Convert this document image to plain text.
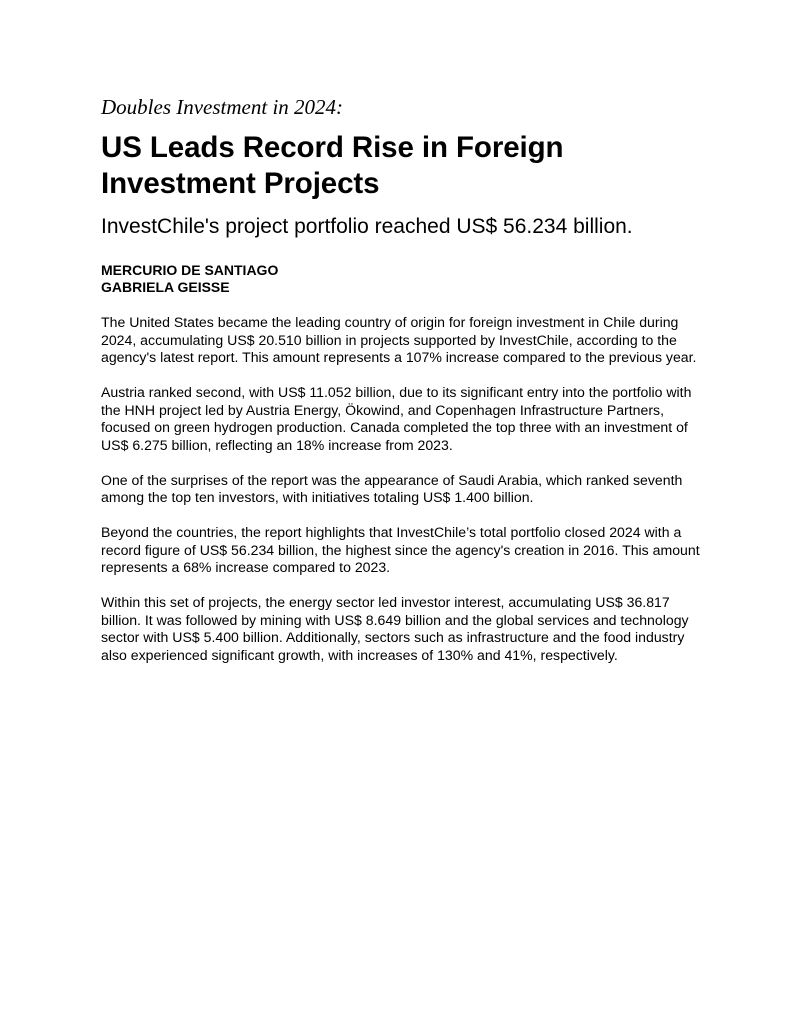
Doubles Investment in 2024:
US Leads Record Rise in Foreign Investment Projects
InvestChile's project portfolio reached US$ 56.234 billion.
MERCURIO DE SANTIAGO
GABRIELA GEISSE

The United States became the leading country of origin for foreign investment in Chile during 2024, accumulating US$ 20.510 billion in projects supported by InvestChile, according to the agency's latest report. This amount represents a 107% increase compared to the previous year.

Austria ranked second, with US$ 11.052 billion, due to its significant entry into the portfolio with the HNH project led by Austria Energy, Ökowind, and Copenhagen Infrastructure Partners, focused on green hydrogen production. Canada completed the top three with an investment of US$ 6.275 billion, reflecting an 18% increase from 2023.

One of the surprises of the report was the appearance of Saudi Arabia, which ranked seventh among the top ten investors, with initiatives totaling US$ 1.400 billion.

Beyond the countries, the report highlights that InvestChile’s total portfolio closed 2024 with a record figure of US$ 56.234 billion, the highest since the agency's creation in 2016. This amount represents a 68% increase compared to 2023.

Within this set of projects, the energy sector led investor interest, accumulating US$ 36.817 billion. It was followed by mining with US$ 8.649 billion and the global services and technology sector with US$ 5.400 billion. Additionally, sectors such as infrastructure and the food industry also experienced significant growth, with increases of 130% and 41%, respectively.
